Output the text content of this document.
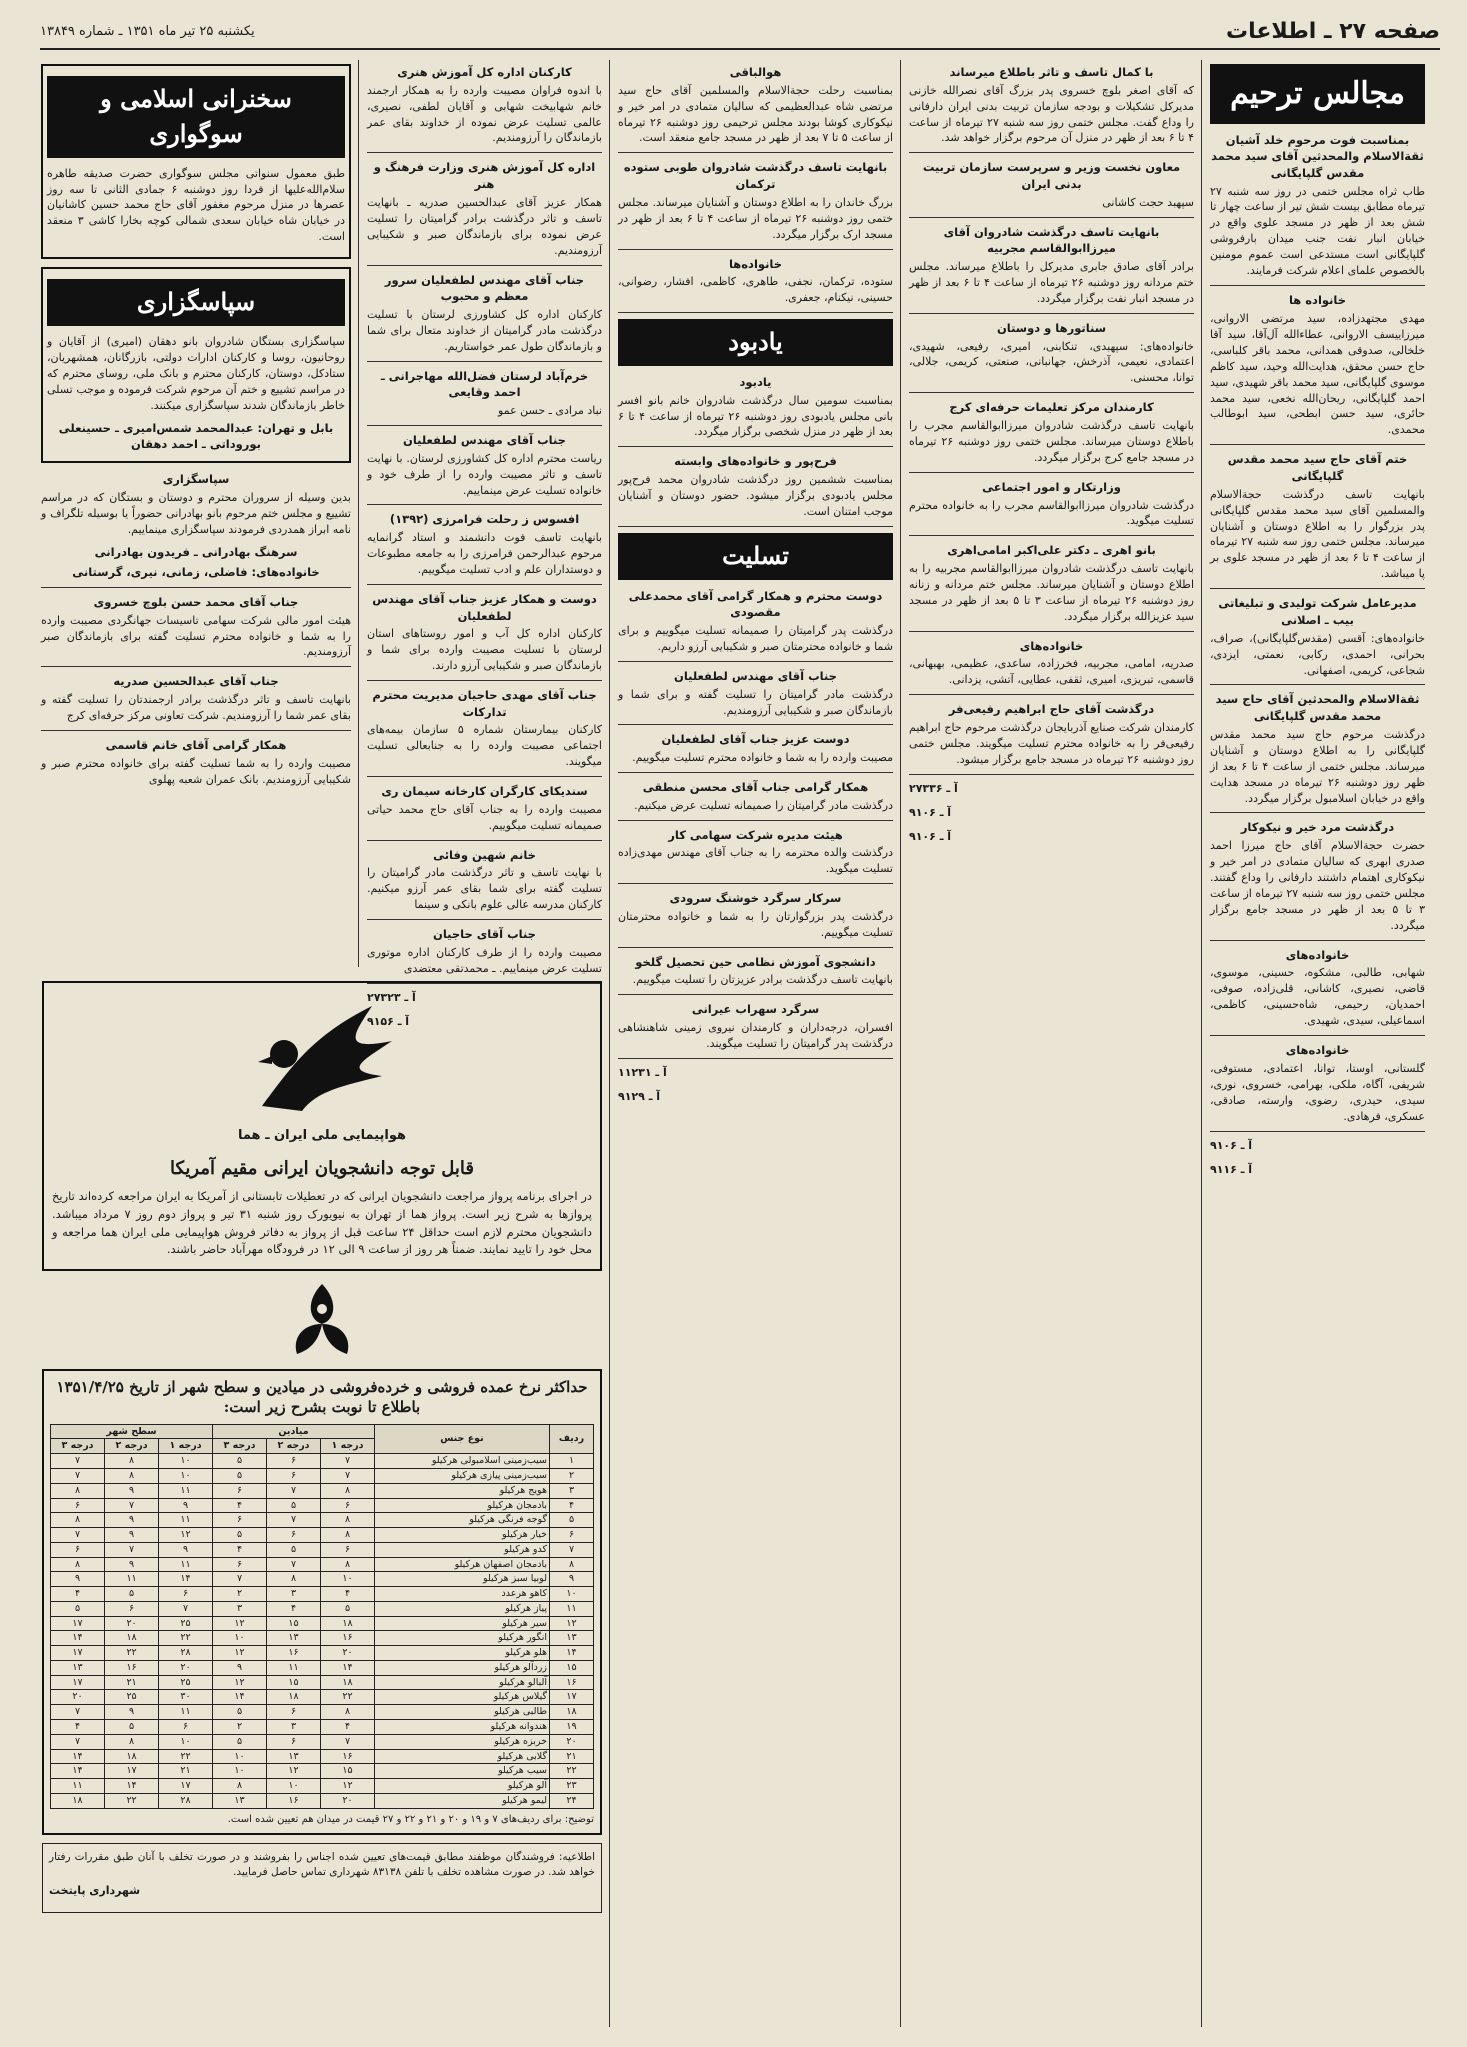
صفحه ۲۷ ـ اطلاعات
یکشنبه ۲۵ تیر ماه ۱۳۵۱ ـ شماره ۱۳۸۴۹
مجالس ترحیم
بمناسبت فوت مرحوم خلد آشیان ثقةالاسلام والمحدثین آقای سید محمد مقدس گلپایگانی
طاب ثراه مجلس ختمی در روز سه شنبه ۲۷ تیرماه مطابق بیست شش تیر از ساعت چهار تا شش بعد از ظهر در مسجد علوی واقع در خیابان انبار نفت جنب میدان بارفروشی گلپایگانی است مستدعی است عموم مومنین بالخصوص علمای اعلام شرکت فرمایند.
خانواده ها
مهدی مجتهدزاده، سید مرتضی الاروانی، میرزاییسف الاروانی، عطاءالله آل‌آقا، سید آقا خلخالی، صدوقی همدانی، محمد باقر کلباسی، حاج حسن محقق، هدایت‌الله وحید، سید کاظم موسوی گلپایگانی، سید محمد باقر شهیدی، سید احمد گلپایگانی، ریحان‌الله نخعی، سید محمد حائری، سید حسن ابطحی، سید ابوطالب محمدی.
ختم آقای حاج سید محمد مقدس گلپایگانی
بانهایت تاسف درگذشت حجةالاسلام والمسلمین آقای سید محمد مقدس گلپایگانی پدر بزرگوار را به اطلاع دوستان و آشنایان میرساند. مجلس ختمی روز سه شنبه ۲۷ تیرماه از ساعت ۴ تا ۶ بعد از ظهر در مسجد علوی بر پا میباشد.
مدیرعامل شرکت تولیدی و تبلیغاتی بیب ـ اصلانی
خانواده‌های: آقسی (مقدس‌گلپایگانی)، صراف، بحرانی، احمدی، رکابی، نعمتی، ایزدی، شجاعی، کریمی، اصفهانی.
ثقةالاسلام والمحدثین آقای حاج سید محمد مقدس گلپایگانی
درگذشت مرحوم حاج سید محمد مقدس گلپایگانی را به اطلاع دوستان و آشنایان میرساند. مجلس ختمی از ساعت ۴ تا ۶ بعد از ظهر روز دوشنبه ۲۶ تیرماه در مسجد هدایت واقع در خیابان اسلامبول برگزار میگردد.
درگذشت مرد خیر و نیکوکار
حضرت حجةالاسلام آقای حاج میرزا احمد صدری ابهری که سالیان متمادی در امر خیر و نیکوکاری اهتمام داشتند دارفانی را وداع گفتند. مجلس ختمی روز سه شنبه ۲۷ تیرماه از ساعت ۳ تا ۵ بعد از ظهر در مسجد جامع برگزار میگردد.
خانواده‌های
شهابی، طالبی، مشکوه، حسینی، موسوی، قاضی، نصیری، کاشانی، قلی‌زاده، صوفی، احمدیان، رحیمی، شاه‌حسینی، کاظمی، اسماعیلی، سیدی، شهیدی.
خانواده‌های
گلستانی، اوستا، توانا، اعتمادی، مستوفی، شریفی، آگاه، ملکی، بهرامی، خسروی، نوری، سیدی، حیدری، رضوی، وارسته، صادقی، عسکری، فرهادی.
آ ـ ۹۱۰۶
آ ـ ۹۱۱۶
با کمال تاسف و تاثر باطلاع میرساند
که آقای اصغر بلوچ خسروی پدر بزرگ آقای نصرالله خازنی مدیرکل تشکیلات و بودجه سازمان تربیت بدنی ایران دارفانی را وداع گفت. مجلس ختمی روز سه شنبه ۲۷ تیرماه از ساعت ۴ تا ۶ بعد از ظهر در منزل آن مرحوم برگزار خواهد شد.
معاون نخست وزیر و سرپرست سازمان تربیت بدنی ایران
سپهبد حجت کاشانی
بانهایت تاسف درگذشت شادروان آقای میرزاابوالقاسم مجربیه
برادر آقای صادق جابری مدیرکل را باطلاع میرساند. مجلس ختم مردانه روز دوشنبه ۲۶ تیرماه از ساعت ۴ تا ۶ بعد از ظهر در مسجد انبار نفت برگزار میگردد.
سناتورها و دوستان
خانواده‌های: سپهبدی، تنکابنی، امیری، رفیعی، شهیدی، اعتمادی، نعیمی، آذرخش، جهانبانی، صنعتی، کریمی، جلالی، توانا، محسنی.
کارمندان مرکز تعلیمات حرفه‌ای کرج
بانهایت تاسف درگذشت شادروان میرزاابوالقاسم مجرب را باطلاع دوستان میرساند. مجلس ختمی روز دوشنبه ۲۶ تیرماه در مسجد جامع کرج برگزار میگردد.
وزارتکار و امور اجتماعی
درگذشت شادروان میرزاابوالقاسم مجرب را به خانواده محترم تسلیت میگوید.
بانو اهری ـ دکتر علی‌اکبر امامی‌اهری
بانهایت تاسف درگذشت شادروان میرزاابوالقاسم مجربیه را به اطلاع دوستان و آشنایان میرساند. مجلس ختم مردانه و زنانه روز دوشنبه ۲۶ تیرماه از ساعت ۳ تا ۵ بعد از ظهر در مسجد سید عزیزالله برگزار میگردد.
خانواده‌های
صدریه، امامی، مجربیه، فخرزاده، ساعدی، عظیمی، بهبهانی، قاسمی، تبریزی، امیری، ثقفی، عطایی، آتشی، یزدانی.
درگذشت آقای حاج ابراهیم رفیعی‌فر
کارمندان شرکت صنایع آذربایجان درگذشت مرحوم حاج ابراهیم رفیعی‌فر را به خانواده محترم تسلیت میگویند. مجلس ختمی روز دوشنبه ۲۶ تیرماه در مسجد جامع برگزار میشود.
آ ـ ۲۷۳۳۶
آ ـ ۹۱۰۶
آ ـ ۹۱۰۶
هوالباقی
بمناسبت رحلت حجةالاسلام والمسلمین آقای حاج سید مرتضی شاه عبدالعظیمی که سالیان متمادی در امر خیر و نیکوکاری کوشا بودند مجلس ترحیمی روز دوشنبه ۲۶ تیرماه از ساعت ۵ تا ۷ بعد از ظهر در مسجد جامع منعقد است.
بانهایت تاسف درگذشت شادروان طوبی ستوده ترکمان
بزرگ خاندان را به اطلاع دوستان و آشنایان میرساند. مجلس ختمی روز دوشنبه ۲۶ تیرماه از ساعت ۴ تا ۶ بعد از ظهر در مسجد ارک برگزار میگردد.
خانواده‌ها
ستوده، ترکمان، نجفی، طاهری، کاظمی، افشار، رضوانی، حسینی، نیکنام، جعفری.
یادبود
یادبود
بمناسبت سومین سال درگذشت شادروان خانم بانو افسر بانی مجلس یادبودی روز دوشنبه ۲۶ تیرماه از ساعت ۴ تا ۶ بعد از ظهر در منزل شخصی برگزار میگردد.
فرح‌پور و خانواده‌های وابسته
بمناسبت ششمین روز درگذشت شادروان محمد فرح‌پور مجلس یادبودی برگزار میشود. حضور دوستان و آشنایان موجب امتنان است.
تسلیت
دوست محترم و همکار گرامی آقای محمدعلی مقصودی
درگذشت پدر گرامیتان را صمیمانه تسلیت میگوییم و برای شما و خانواده محترمتان صبر و شکیبایی آرزو داریم.
جناب آقای مهندس لطفعلیان
درگذشت مادر گرامیتان را تسلیت گفته و برای شما و بازماندگان صبر و شکیبایی آرزومندیم.
دوست عزیز جناب آقای لطفعلیان
مصیبت وارده را به شما و خانواده محترم تسلیت میگوییم.
همکار گرامی جناب آقای محسن منطقی
درگذشت مادر گرامیتان را صمیمانه تسلیت عرض میکنیم.
هیئت مدیره شرکت سهامی کار
درگذشت والده محترمه را به جناب آقای مهندس مهدی‌زاده تسلیت میگوید.
سرکار سرگرد خوشنگ سرودی
درگذشت پدر بزرگوارتان را به شما و خانواده محترمتان تسلیت میگوییم.
دانشجوی آموزش نظامی حین تحصیل گلخو
بانهایت تاسف درگذشت برادر عزیزتان را تسلیت میگوییم.
سرگرد سهراب عیرانی
افسران، درجه‌داران و کارمندان نیروی زمینی شاهنشاهی درگذشت پدر گرامیتان را تسلیت میگویند.
آ ـ ۱۱۲۳۱
آ ـ ۹۱۲۹
کارکنان اداره کل آموزش هنری
با اندوه فراوان مصیبت وارده را به همکار ارجمند خانم شهابیخت شهابی و آقایان لطفی، نصیری، عالمی تسلیت عرض نموده از خداوند بقای عمر بازماندگان را آرزومندیم.
اداره کل آموزش هنری وزارت فرهنگ و هنر
همکار عزیز آقای عبدالحسین صدریه ـ بانهایت تاسف و تاثر درگذشت برادر گرامیتان را تسلیت عرض نموده برای بازماندگان صبر و شکیبایی آرزومندیم.
جناب آقای مهندس لطفعلیان سرور معظم و محبوب
کارکنان اداره کل کشاورزی لرستان با تسلیت درگذشت مادر گرامیتان از خداوند متعال برای شما و بازماندگان طول عمر خواستاریم.
خرم‌آباد لرستان فضل‌الله مهاجرانی ـ احمد وقایعی
نباد مرادی ـ حسن عمو
جناب آقای مهندس لطفعلیان
ریاست محترم اداره کل کشاورزی لرستان. با نهایت تاسف و تاثر مصیبت وارده را از طرف خود و خانواده تسلیت عرض مینماییم.
افسوس ز رحلت فرامرزی (۱۳۹۲)
بانهایت تاسف فوت دانشمند و استاد گرانمایه مرحوم عبدالرحمن فرامرزی را به جامعه مطبوعات و دوستداران علم و ادب تسلیت میگوییم.
دوست و همکار عزیز جناب آقای مهندس لطفعلیان
کارکنان اداره کل آب و امور روستاهای استان لرستان با تسلیت مصیبت وارده برای شما و بازماندگان صبر و شکیبایی آرزو دارند.
جناب آقای مهدی حاجیان مدیریت محترم تدارکات
کارکنان بیمارستان شماره ۵ سازمان بیمه‌های اجتماعی مصیبت وارده را به جنابعالی تسلیت میگویند.
سندیکای کارگران کارخانه سیمان ری
مصیبت وارده را به جناب آقای حاج محمد حیاتی صمیمانه تسلیت میگوییم.
خانم شهین وفائی
با نهایت تاسف و تاثر درگذشت مادر گرامیتان را تسلیت گفته برای شما بقای عمر آرزو میکنیم. کارکنان مدرسه عالی علوم بانکی و سینما
جناب آقای حاجیان
مصیبت وارده را از طرف کارکنان اداره موتوری تسلیت عرض مینماییم. ـ محمدتقی معتضدی
آ ـ ۲۷۳۲۳
آ ـ ۹۱۵۶
سخنرانی اسلامی و سوگواری
طبق معمول سنواتی مجلس سوگواری حضرت صدیقه طاهره سلام‌الله‌علیها از فردا روز دوشنبه ۶ جمادی الثانی تا سه روز عصرها در منزل مرحوم مغفور آقای حاج محمد حسین کاشانیان در خیابان شاه خیابان سعدی شمالی کوچه بخارا کاشی ۳ منعقد است.
سپاسگزاری
سپاسگزاری بستگان شادروان بانو دهقان (امیری) از آقایان و روحانیون، روسا و کارکنان ادارات دولتی، بازرگانان، همشهریان، ستادکل، دوستان، کارکنان محترم و بانک ملی، روسای محترم که در مراسم تشییع و ختم آن مرحوم شرکت فرموده و موجب تسلی خاطر بازماندگان شدند سپاسگزاری میکنند.
بابل و تهران: عبدالمحمد شمس‌امیری ـ حسینعلی بوروداتی ـ احمد دهقان
سپاسگزاری
بدین وسیله از سروران محترم و دوستان و بستگان که در مراسم تشییع و مجلس ختم مرحوم بانو بهادرانی حضوراً یا بوسیله تلگراف و نامه ابراز همدردی فرمودند سپاسگزاری مینماییم.
سرهنگ بهادرانی ـ فریدون بهادرانی
خانواده‌های: فاضلی، زمانی، نیری، گرستانی
جناب آقای محمد حسن بلوچ خسروی
هیئت امور مالی شرکت سهامی تاسیسات جهانگردی مصیبت وارده را به شما و خانواده محترم تسلیت گفته برای بازماندگان صبر آرزومندیم.
جناب آقای عبدالحسین صدریه
بانهایت تاسف و تاثر درگذشت برادر ارجمندتان را تسلیت گفته و بقای عمر شما را آرزومندیم. شرکت تعاونی مرکز حرفه‌ای کرج
همکار گرامی آقای خانم قاسمی
مصیبت وارده را به شما تسلیت گفته برای خانواده محترم صبر و شکیبایی آرزومندیم. بانک عمران شعبه پهلوی
هواپیمایی ملی ایران ـ هما
قابل توجه دانشجویان ایرانی مقیم آمریکا
در اجرای برنامه پرواز مراجعت دانشجویان ایرانی که در تعطیلات تابستانی از آمریکا به ایران مراجعه کرده‌اند تاریخ پروازها به شرح زیر است. پرواز هما از تهران به نیویورک روز شنبه ۳۱ تیر و پرواز دوم روز ۷ مرداد میباشد. دانشجویان محترم لازم است حداقل ۲۴ ساعت قبل از پرواز به دفاتر فروش هواپیمایی ملی ایران هما مراجعه و محل خود را تایید نمایند. ضمناً هر روز از ساعت ۹ الی ۱۲ در فرودگاه مهرآباد حاضر باشند.
حداکثر نرخ عمده فروشی و خرده‌فروشی در میادین و سطح شهر از تاریخ ۱۳۵۱/۴/۲۵ باطلاع تا نوبت بشرح زیر است:
ردیف	نوع جنس	میادین			سطح شهر		
		درجه ۱	درجه ۲	درجه ۳	درجه ۱	درجه ۲	درجه ۳
۱	سیب‌زمینی اسلامبولی هرکیلو	۷	۶	۵	۱۰	۸	۷
۲	سیب‌زمینی پیازی هرکیلو	۷	۶	۵	۱۰	۸	۷
۳	هویج هرکیلو	۸	۷	۶	۱۱	۹	۸
۴	بادمجان هرکیلو	۶	۵	۴	۹	۷	۶
۵	گوجه فرنگی هرکیلو	۸	۷	۶	۱۱	۹	۸
۶	خیار هرکیلو	۸	۶	۵	۱۲	۹	۷
۷	کدو هرکیلو	۶	۵	۴	۹	۷	۶
۸	بادمجان اصفهان هرکیلو	۸	۷	۶	۱۱	۹	۸
۹	لوبیا سبز هرکیلو	۱۰	۸	۷	۱۴	۱۱	۹
۱۰	کاهو هرعدد	۴	۳	۲	۶	۵	۴
۱۱	پیاز هرکیلو	۵	۴	۳	۷	۶	۵
۱۲	سیر هرکیلو	۱۸	۱۵	۱۲	۲۵	۲۰	۱۷
۱۳	انگور هرکیلو	۱۶	۱۳	۱۰	۲۲	۱۸	۱۴
۱۴	هلو هرکیلو	۲۰	۱۶	۱۲	۲۸	۲۲	۱۷
۱۵	زردآلو هرکیلو	۱۴	۱۱	۹	۲۰	۱۶	۱۳
۱۶	آلبالو هرکیلو	۱۸	۱۵	۱۲	۲۵	۲۱	۱۷
۱۷	گیلاس هرکیلو	۲۲	۱۸	۱۴	۳۰	۲۵	۲۰
۱۸	طالبی هرکیلو	۸	۶	۵	۱۱	۹	۷
۱۹	هندوانه هرکیلو	۴	۳	۲	۶	۵	۴
۲۰	خربزه هرکیلو	۷	۶	۵	۱۰	۸	۷
۲۱	گلابی هرکیلو	۱۶	۱۳	۱۰	۲۲	۱۸	۱۴
۲۲	سیب هرکیلو	۱۵	۱۲	۱۰	۲۱	۱۷	۱۴
۲۳	آلو هرکیلو	۱۲	۱۰	۸	۱۷	۱۴	۱۱
۲۴	لیمو هرکیلو	۲۰	۱۶	۱۳	۲۸	۲۲	۱۸
توضیح: برای ردیف‌های ۷ و ۱۹ و ۲۰ و ۲۱ و ۲۲ و ۲۷ قیمت در میدان هم تعیین شده است.
اطلاعیه: فروشندگان موظفند مطابق قیمت‌های تعیین شده اجناس را بفروشند و در صورت تخلف با آنان طبق مقررات رفتار خواهد شد. در صورت مشاهده تخلف با تلفن ۸۳۱۳۸ شهرداری تماس حاصل فرمایید.
شهرداری پایتخت
